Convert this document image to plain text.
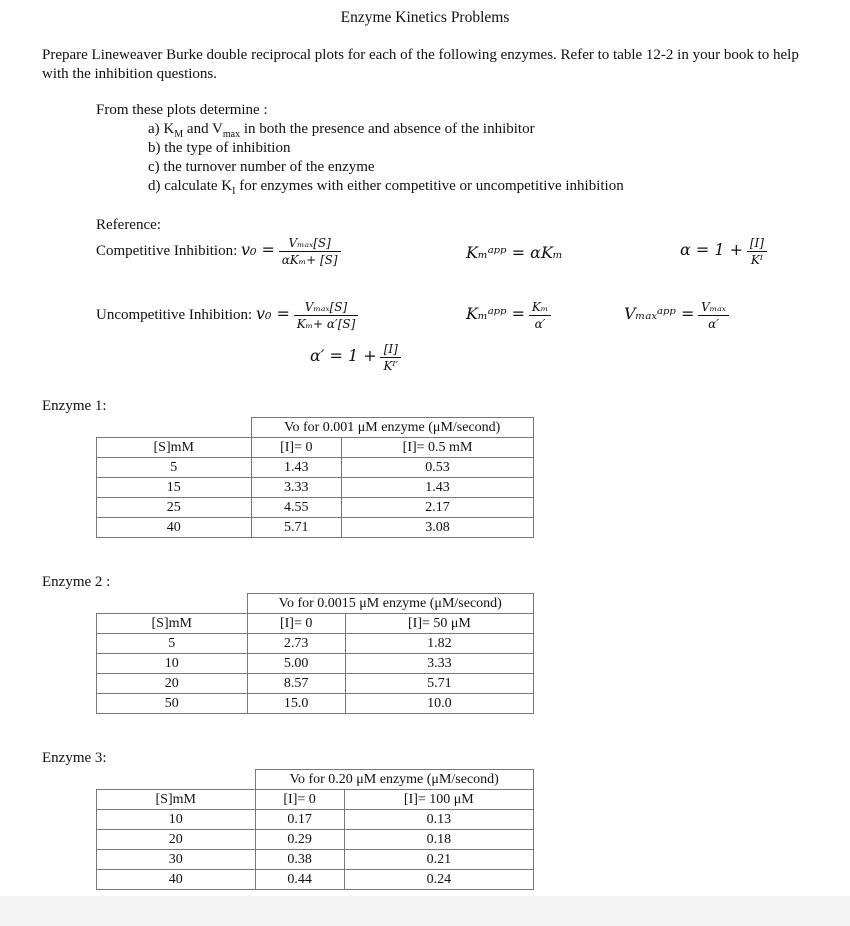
Enzyme Kinetics Problems
Prepare Lineweaver Burke double reciprocal plots for each of the following enzymes. Refer to table 12-2 in your book to help with the inhibition questions.
From these plots determine :
a) $K_M$ and $V_{max}$ in both the presence and absence of the inhibitor
b) the type of inhibition
c) the turnover number of the enzyme
d) calculate $K_I$ for enzymes with either competitive or uncompetitive inhibition
Reference:
Competitive Inhibition: $v_0 = \frac{\text{Vₘₐₓ[S]}}{\text{αKₘ+ [S]}}$	Kₘᵃᵖᵖ = αKₘ	$\alpha = 1 + \frac{[I]}{\text{Kᴵ}}$
Uncompetitive Inhibition: $v_0 = \frac{\text{Vₘₐₓ[S]}}{\text{Kₘ+ α′[S]}}$	Kₘᵃᵖᵖ = $\frac{\text{Kₘ}}{\alpha'}$	Vₘₐₓᵃᵖᵖ = $\frac{\text{Vₘₐₓ}}{\alpha'}$
$\alpha' = 1 + \frac{[I]}{\text{Kᴵ′}}$
Enzyme 1:
	Vo for 0.001 μM enzyme (μM/second)	
[S]mM	[I]= 0	[I]= 0.5 mM
5	1.43	0.53
15	3.33	1.43
25	4.55	2.17
40	5.71	3.08
Enzyme 2 :
	Vo for 0.0015 μM enzyme (μM/second)	
[S]mM	[I]= 0	[I]= 50 μM
5	2.73	1.82
10	5.00	3.33
20	8.57	5.71
50	15.0	10.0
Enzyme 3:
	Vo for 0.20 μM enzyme (μM/second)	
[S]mM	[I]= 0	[I]= 100 μM
10	0.17	0.13
20	0.29	0.18
30	0.38	0.21
40	0.44	0.24
